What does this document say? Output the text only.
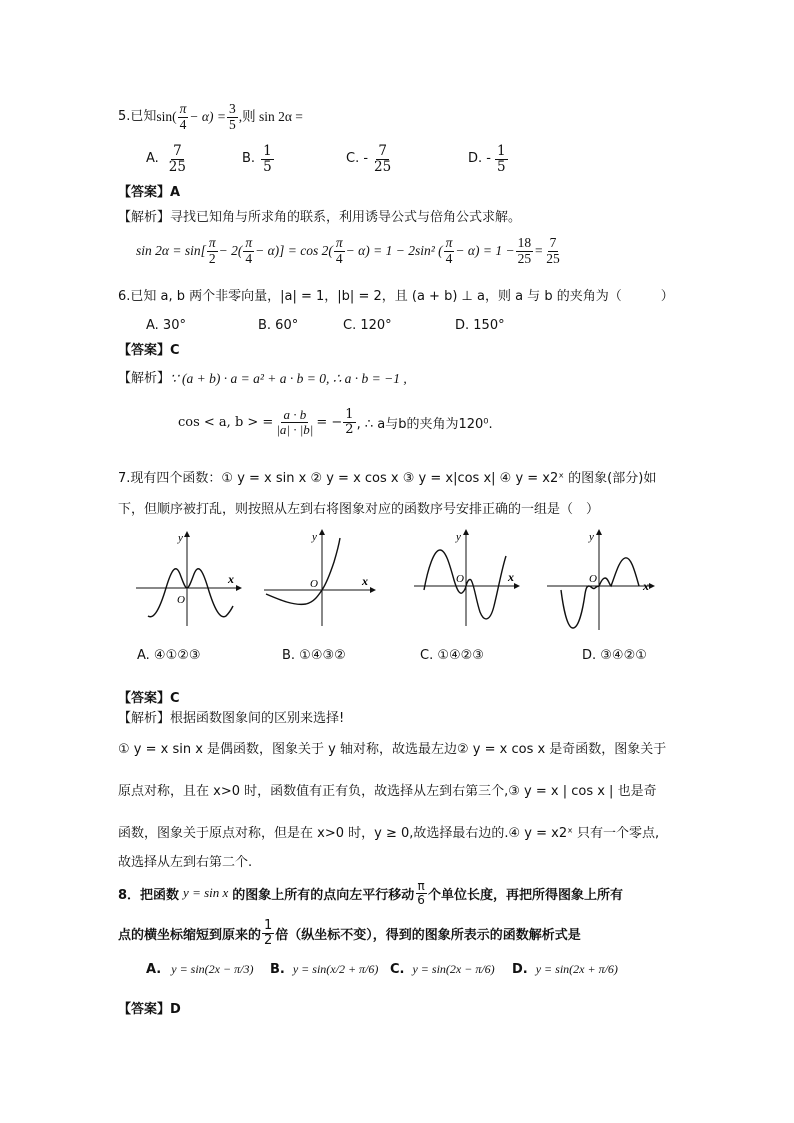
5.已知 $\sin( \frac{\pi}{4} - \alpha) = \frac{3}{5}$ ,则 sin 2α =
A. $\frac{7}{25}$	B. $\frac{1}{5}$	C. - $\frac{7}{25}$	D. - $\frac{1}{5}$
【答案】A
【解析】寻找已知角与所求角的联系，利用诱导公式与倍角公式求解。
$\sin 2\alpha = \sin[ \frac{\pi}{2} - 2( \frac{\pi}{4} - \alpha)] = \cos 2( \frac{\pi}{4} - \alpha) = 1 - 2\sin^2$ ( $\frac{\pi}{4} - \alpha) = 1 - \frac{18}{25} = \frac{7}{25}$
6.已知 a, b 两个非零向量，|a| = 1，|b| = 2，且 (a + b) ⊥ a，则 a 与 b 的夹角为（　　　）
A. 30°	B. 60°	C. 120°	D. 150°
【答案】C
【解析】 ∵ (a + b) · a = a² + a · b = 0, ∴ a · b = −1 ,
cos < a, b > = $\frac{a \cdot b}{|a| \cdot |b|}$ = − $\frac{1}{2}$ , ∴ a与b的夹角为120⁰.
7.现有四个函数：① y = x sin x ② y = x cos x ③ y = x|cos x| ④ y = x2ˣ 的图象(部分)如
下，但顺序被打乱，则按照从左到右将图象对应的函数序号安排正确的一组是（　）
y
x
O
y
x
O
y
x
O
y
x
O
A. ④①②③	B. ①④③②	C. ①④②③	D. ③④②①
【答案】C
【解析】根据函数图象间的区别来选择!
① y = x sin x 是偶函数，图象关于 y 轴对称，故选最左边② y = x cos x 是奇函数，图象关于
原点对称，且在 x>0 时，函数值有正有负，故选择从左到右第三个,③ y = x | cos x | 也是奇
函数，图象关于原点对称，但是在 x>0 时，y ≥ 0,故选择最右边的.④ y = x2ˣ 只有一个零点,
故选择从左到右第二个.
8．把函数 y = sin x 的图象上所有的点向左平行移动 $\frac{\pi}{6}$ 个单位长度，再把所得图象上所有
点的横坐标缩短到原来的 $\frac{1}{2}$ 倍（纵坐标不变），得到的图象所表示的函数解析式是
A. y = sin(2x − π/3) B. y = sin(x/2 + π/6) C. y = sin(2x − π/6) D. y = sin(2x + π/6)
【答案】D
